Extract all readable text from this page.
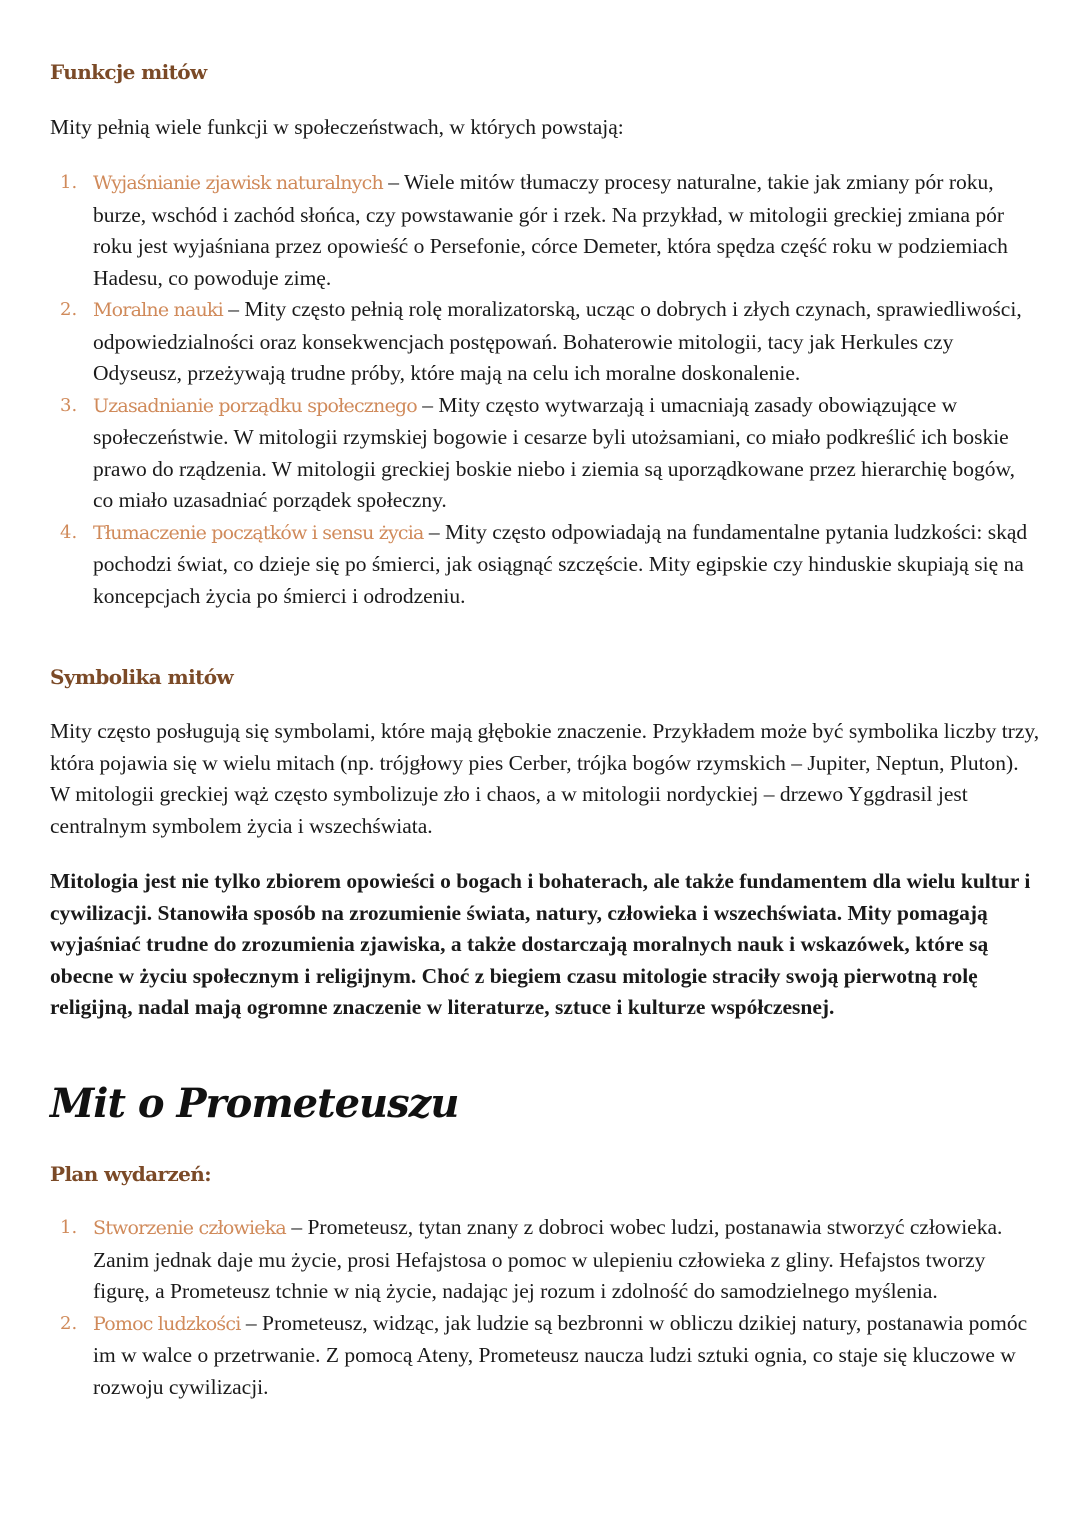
Funkcje mitów

Mity pełnią wiele funkcji w społeczeństwach, w których powstają:

1. Wyjaśnianie zjawisk naturalnych – Wiele mitów tłumaczy procesy naturalne, takie jak zmiany pór roku, burze, wschód i zachód słońca, czy powstawanie gór i rzek. Na przykład, w mitologii greckiej zmiana pór roku jest wyjaśniana przez opowieść o Persefonie, córce Demeter, która spędza część roku w podziemiach Hadesu, co powoduje zimę.
2. Moralne nauki – Mity często pełnią rolę moralizatorską, ucząc o dobrych i złych czynach, sprawiedliwości, odpowiedzialności oraz konsekwencjach postępowań. Bohaterowie mitologii, tacy jak Herkules czy Odyseusz, przeżywają trudne próby, które mają na celu ich moralne doskonalenie.
3. Uzasadnianie porządku społecznego – Mity często wytwarzają i umacniają zasady obowiązujące w społeczeństwie. W mitologii rzymskiej bogowie i cesarze byli utożsamiani, co miało podkreślić ich boskie prawo do rządzenia. W mitologii greckiej boskie niebo i ziemia są uporządkowane przez hierarchię bogów, co miało uzasadniać porządek społeczny.
4. Tłumaczenie początków i sensu życia – Mity często odpowiadają na fundamentalne pytania ludzkości: skąd pochodzi świat, co dzieje się po śmierci, jak osiągnąć szczęście. Mity egipskie czy hinduskie skupiają się na koncepcjach życia po śmierci i odrodzeniu.
Symbolika mitów

Mity często posługują się symbolami, które mają głębokie znaczenie. Przykładem może być symbolika liczby trzy, która pojawia się w wielu mitach (np. trójgłowy pies Cerber, trójka bogów rzymskich – Jupiter, Neptun, Pluton). W mitologii greckiej wąż często symbolizuje zło i chaos, a w mitologii nordyckiej – drzewo Yggdrasil jest centralnym symbolem życia i wszechświata.

Mitologia jest nie tylko zbiorem opowieści o bogach i bohaterach, ale także fundamentem dla wielu kultur i cywilizacji. Stanowiła sposób na zrozumienie świata, natury, człowieka i wszechświata. Mity pomagają wyjaśniać trudne do zrozumienia zjawiska, a także dostarczają moralnych nauk i wskazówek, które są obecne w życiu społecznym i religijnym. Choć z biegiem czasu mitologie straciły swoją pierwotną rolę religijną, nadal mają ogromne znaczenie w literaturze, sztuce i kulturze współczesnej.

Mit o Prometeuszu
Plan wydarzeń:
1. Stworzenie człowieka – Prometeusz, tytan znany z dobroci wobec ludzi, postanawia stworzyć człowieka. Zanim jednak daje mu życie, prosi Hefajstosa o pomoc w ulepieniu człowieka z gliny. Hefajstos tworzy figurę, a Prometeusz tchnie w nią życie, nadając jej rozum i zdolność do samodzielnego myślenia.
2. Pomoc ludzkości – Prometeusz, widząc, jak ludzie są bezbronni w obliczu dzikiej natury, postanawia pomóc im w walce o przetrwanie. Z pomocą Ateny, Prometeusz naucza ludzi sztuki ognia, co staje się kluczowe w rozwoju cywilizacji.
